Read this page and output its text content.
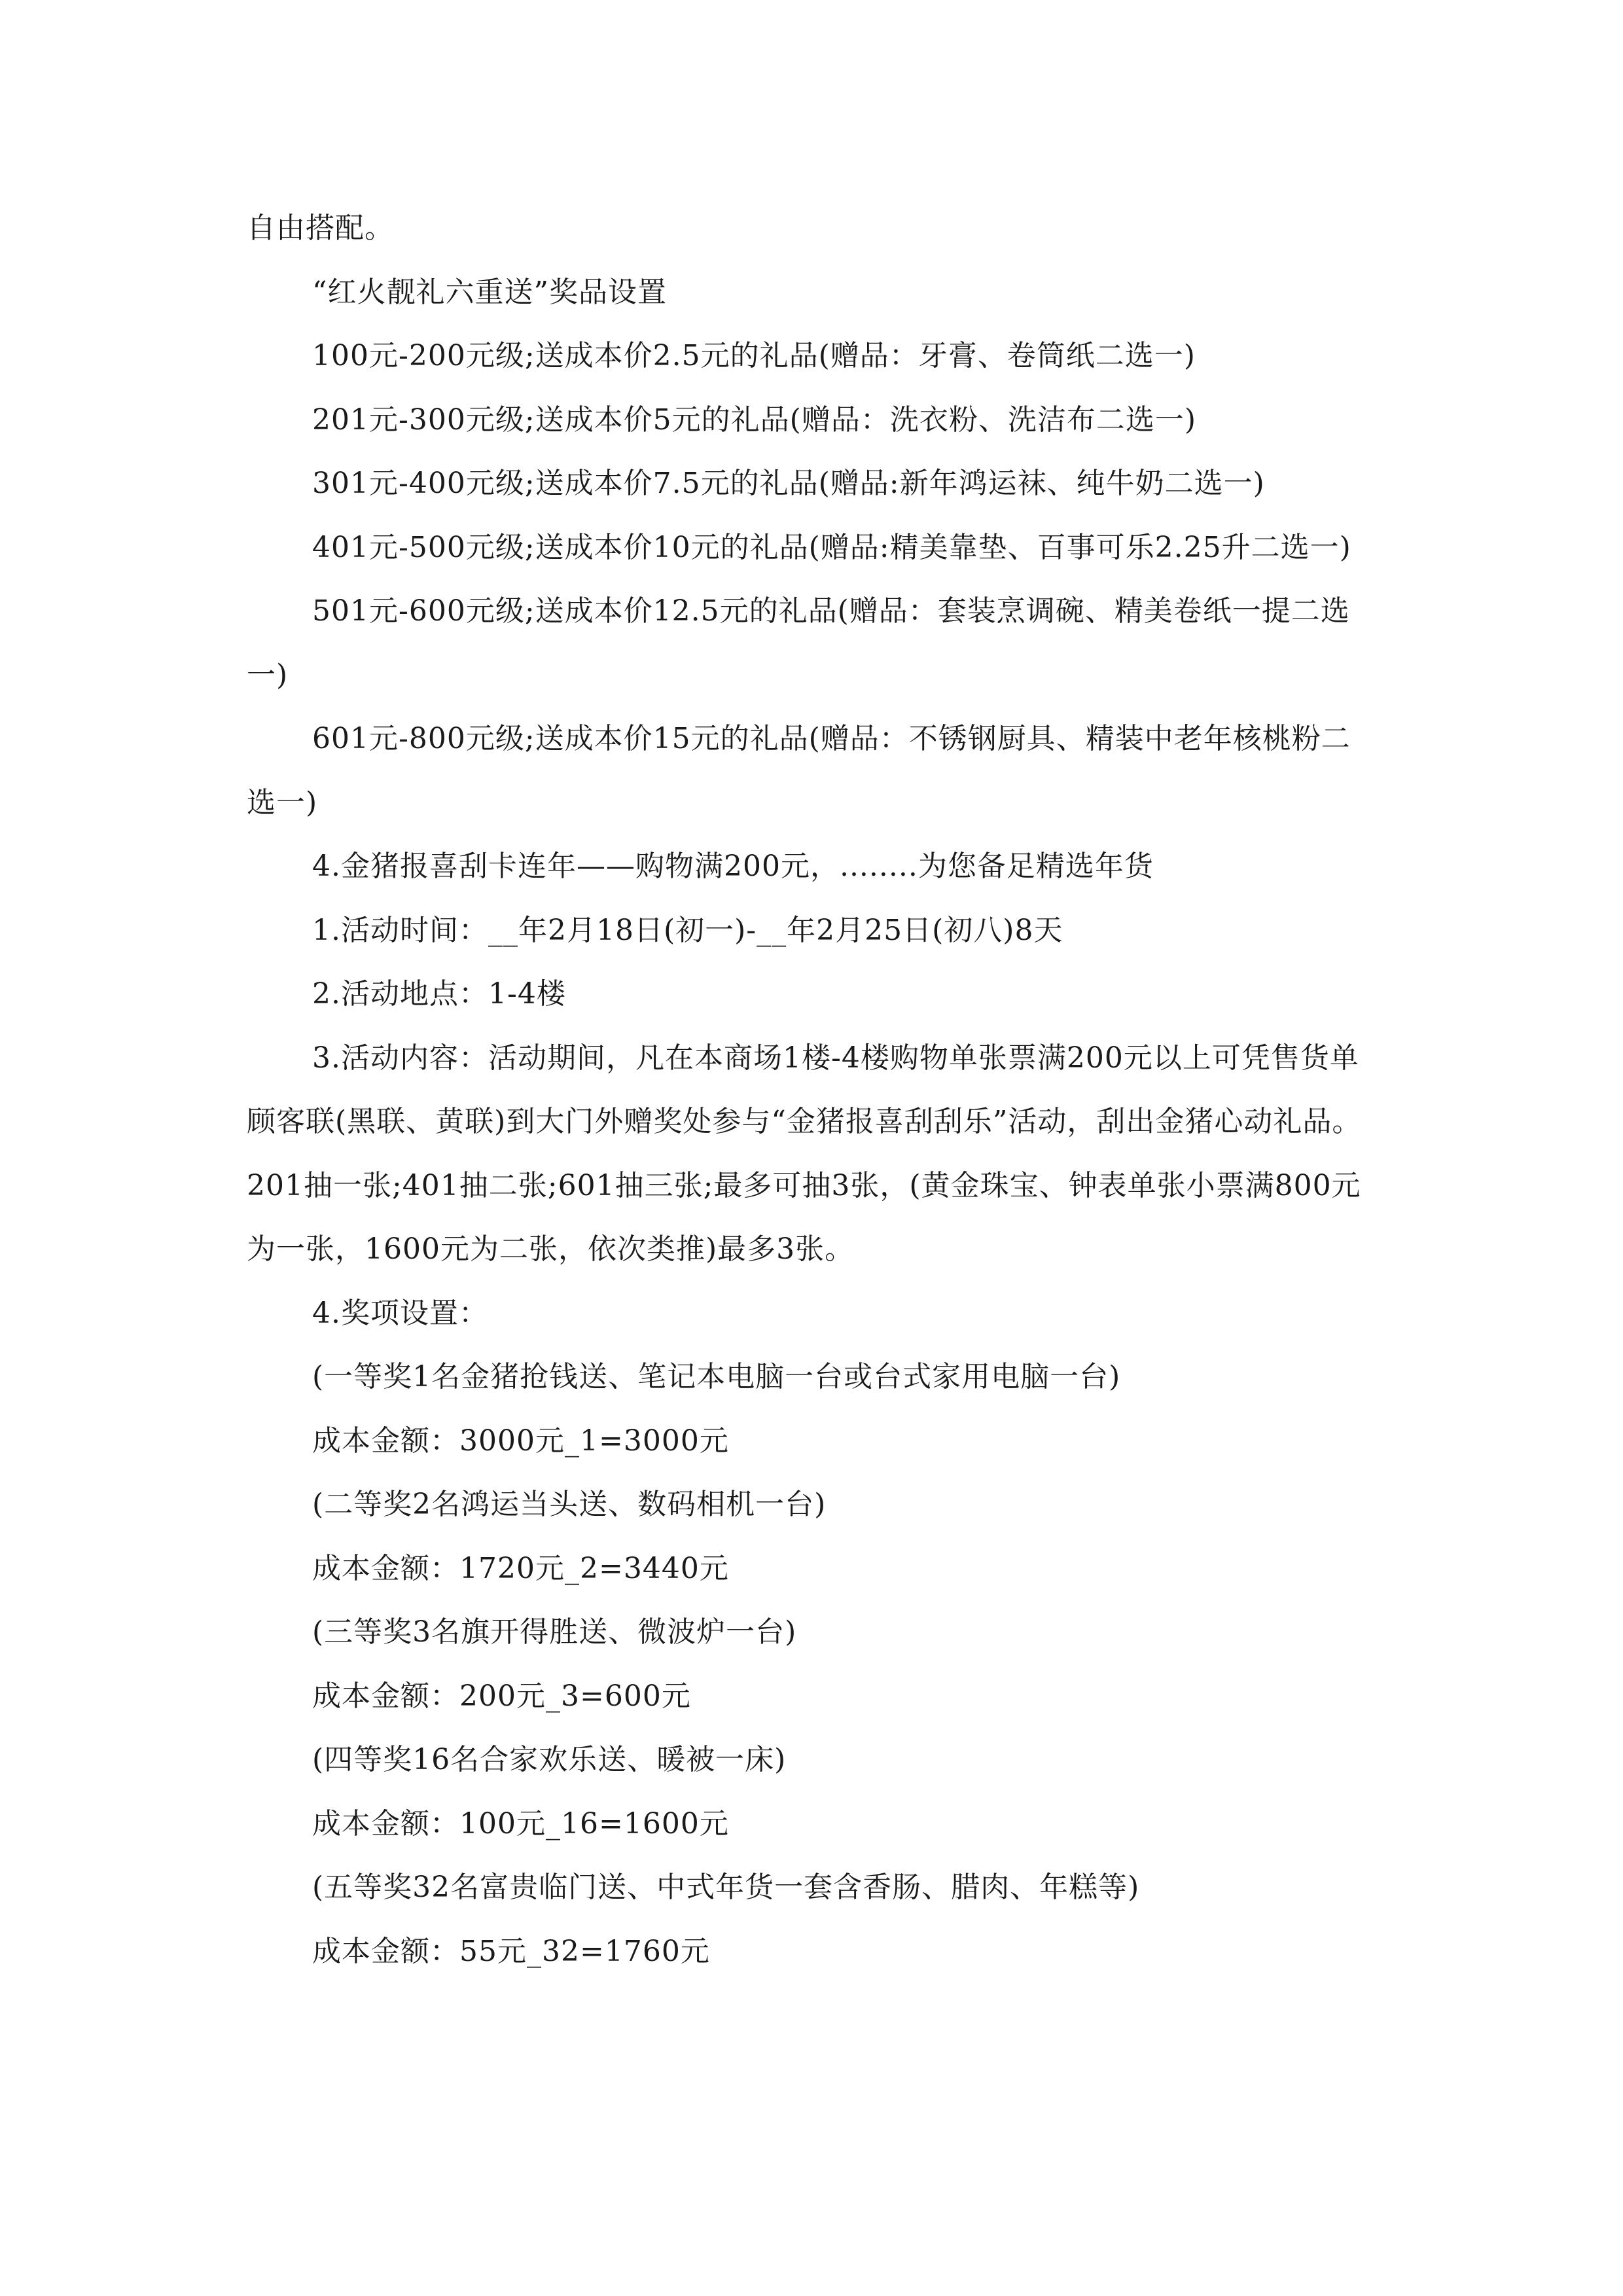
自由搭配。

“红火靓礼六重送”奖品设置

100元-200元级;送成本价2.5元的礼品(赠品：牙膏、卷筒纸二选一)

201元-300元级;送成本价5元的礼品(赠品：洗衣粉、洗洁布二选一)

301元-400元级;送成本价7.5元的礼品(赠品:新年鸿运袜、纯牛奶二选一)

401元-500元级;送成本价10元的礼品(赠品:精美靠垫、百事可乐2.25升二选一)

501元-600元级;送成本价12.5元的礼品(赠品：套装烹调碗、精美卷纸一提二选一)

601元-800元级;送成本价15元的礼品(赠品：不锈钢厨具、精装中老年核桃粉二选一)

4.金猪报喜刮卡连年——购物满200元，........为您备足精选年货

1.活动时间：__年2月18日(初一)-__年2月25日(初八)8天

2.活动地点：1-4楼

3.活动内容：活动期间，凡在本商场1楼-4楼购物单张票满200元以上可凭售货单顾客联(黑联、黄联)到大门外赠奖处参与“金猪报喜刮刮乐”活动，刮出金猪心动礼品。201抽一张;401抽二张;601抽三张;最多可抽3张，(黄金珠宝、钟表单张小票满800元为一张，1600元为二张，依次类推)最多3张。

4.奖项设置：

(一等奖1名金猪抢钱送、笔记本电脑一台或台式家用电脑一台)

成本金额：3000元_1=3000元

(二等奖2名鸿运当头送、数码相机一台)

成本金额：1720元_2=3440元

(三等奖3名旗开得胜送、微波炉一台)

成本金额：200元_3=600元

(四等奖16名合家欢乐送、暖被一床)

成本金额：100元_16=1600元

(五等奖32名富贵临门送、中式年货一套含香肠、腊肉、年糕等)

成本金额：55元_32=1760元
